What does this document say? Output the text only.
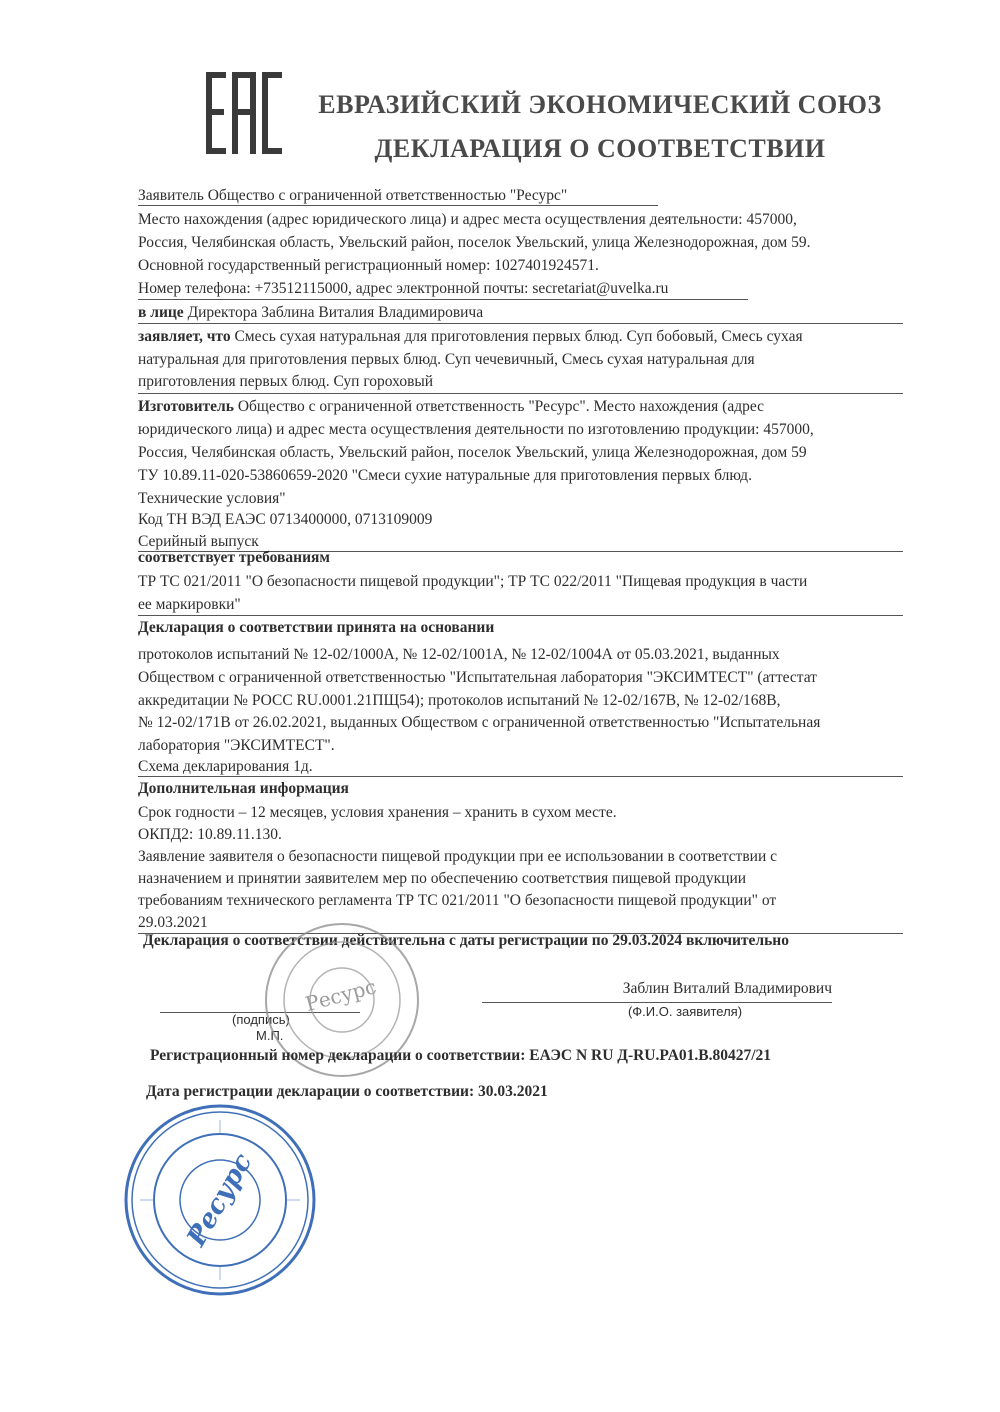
ЕВРАЗИЙСКИЙ ЭКОНОМИЧЕСКИЙ СОЮЗ
ДЕКЛАРАЦИЯ О СООТВЕТСТВИИ
Заявитель Общество с ограниченной ответственностью "Ресурс"
Место нахождения (адрес юридического лица) и адрес места осуществления деятельности: 457000,
Россия, Челябинская область, Увельский район, поселок Увельский, улица Железнодорожная, дом 59.
Основной государственный регистрационный номер: 1027401924571.
Номер телефона: +73512115000, адрес электронной почты: secretariat@uvelka.ru
в лице Директора Заблина Виталия Владимировича
заявляет, что Смесь сухая натуральная для приготовления первых блюд. Суп бобовый, Смесь сухая
натуральная для приготовления первых блюд. Суп чечевичный, Смесь сухая натуральная для
приготовления первых блюд. Суп гороховый
Изготовитель Общество с ограниченной ответственность "Ресурс". Место нахождения (адрес
юридического лица) и адрес места осуществления деятельности по изготовлению продукции: 457000,
Россия, Челябинская область, Увельский район, поселок Увельский, улица Железнодорожная, дом 59
ТУ 10.89.11-020-53860659-2020 "Смеси сухие натуральные для приготовления первых блюд.
Технические условия"
Код ТН ВЭД ЕАЭС 0713400000, 0713109009
Серийный выпуск
соответствует требованиям
ТР ТС 021/2011 "О безопасности пищевой продукции"; ТР ТС 022/2011 "Пищевая продукция в части
ее маркировки"
Декларация о соответствии принята на основании
протоколов испытаний № 12-02/1000А, № 12-02/1001А, № 12-02/1004А от 05.03.2021, выданных
Обществом с ограниченной ответственностью "Испытательная лаборатория "ЭКСИМТЕСТ" (аттестат
аккредитации № РОСС RU.0001.21ПЩ54); протоколов испытаний № 12-02/167В, № 12-02/168В,
№ 12-02/171В от 26.02.2021, выданных Обществом с ограниченной ответственностью "Испытательная
лаборатория "ЭКСИМТЕСТ".
Схема декларирования 1д.
Дополнительная информация
Срок годности – 12 месяцев, условия хранения – хранить в сухом месте.
ОКПД2: 10.89.11.130.
Заявление заявителя о безопасности пищевой продукции при ее использовании в соответствии с
назначением и принятии заявителем мер по обеспечению соответствия пищевой продукции
требованиям технического регламента ТР ТС 021/2011 "О безопасности пищевой продукции" от
29.03.2021
Декларация о соответствии действительна с даты регистрации по 29.03.2024 включительно
Заблин Виталий Владимирович
(Ф.И.О. заявителя)
(подпись)
М.П.
Ресурс
Регистрационный номер декларации о соответствии: ЕАЭС N RU Д-RU.PA01.B.80427/21
Дата регистрации декларации о соответствии: 30.03.2021
Ресурс
